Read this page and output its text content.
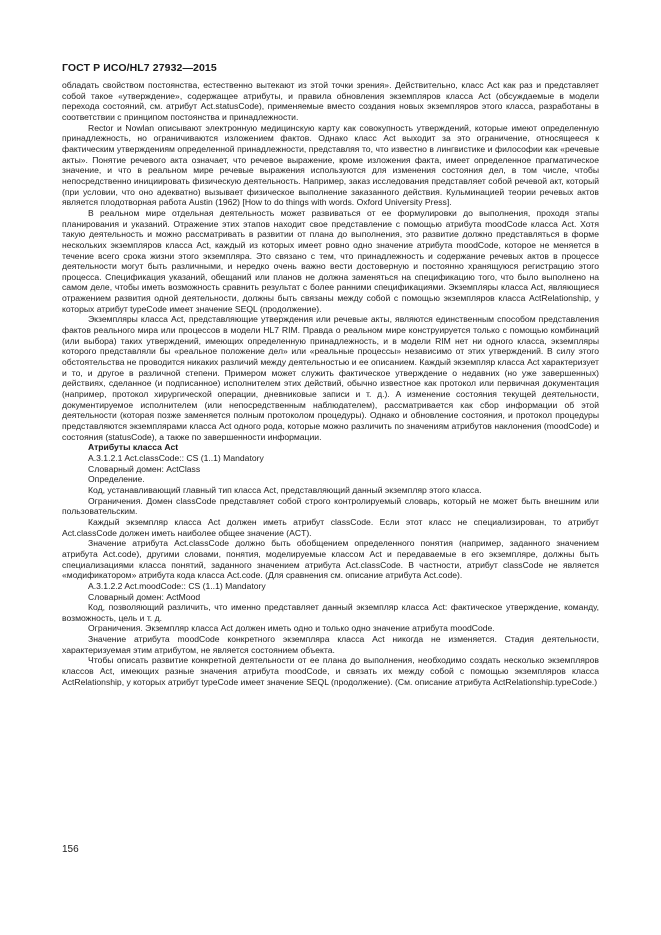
ГОСТ Р ИСО/HL7 27932—2015

обладать свойством постоянства, естественно вытекают из этой точки зрения». Действительно, класс Act как раз и представляет собой такое «утверждение», содержащее атрибуты, и правила обновления экземпляров класса Act (обсуждаемые в модели перехода состояний, см. атрибут Act.statusCode), применяемые вместо создания новых экземпляров этого класса, разработаны в соответствии с принципом постоянства и принадлежности.

Rector и Nowlan описывают электронную медицинскую карту как совокупность утверждений, которые имеют определенную принадлежность, но ограничиваются изложением фактов. Однако класс Act выходит за это ограничение, относящееся к фактическим утверждениям определенной принадлежности, представляя то, что известно в лингвистике и философии как «речевые акты». Понятие речевого акта означает, что речевое выражение, кроме изложения факта, имеет определенное прагматическое значение, и что в реальном мире речевые выражения используются для изменения состояния дел, в том числе, чтобы непосредственно инициировать физическую деятельность. Например, заказ исследования представляет собой речевой акт, который (при условии, что оно адекватно) вызывает физическое выполнение заказанного действия. Кульминацией теории речевых актов является плодотворная работа Austin (1962) [How to do things with words. Oxford University Press].

В реальном мире отдельная деятельность может развиваться от ее формулировки до выполнения, проходя этапы планирования и указаний. Отражение этих этапов находит свое представление с помощью атрибута moodCode класса Act. Хотя такую деятельность и можно рассматривать в развитии от плана до выполнения, это развитие должно представляться в форме нескольких экземпляров класса Act, каждый из которых имеет ровно одно значение атрибута moodCode, которое не меняется в течение всего срока жизни этого экземпляра. Это связано с тем, что принадлежность и содержание речевых актов в процессе деятельности могут быть различными, и нередко очень важно вести достоверную и постоянно хранящуюся регистрацию этого процесса. Спецификация указаний, обещаний или планов не должна заменяться на спецификацию того, что было выполнено на самом деле, чтобы иметь возможность сравнить результат с более ранними спецификациями. Экземпляры класса Act, являющиеся отражением развития одной деятельности, должны быть связаны между собой с помощью экземпляров класса ActRelationship, у которых атрибут typeCode имеет значение SEQL (продолжение).

Экземпляры класса Act, представляющие утверждения или речевые акты, являются единственным способом представления фактов реального мира или процессов в модели HL7 RIM. Правда о реальном мире конструируется только с помощью комбинаций (или выбора) таких утверждений, имеющих определенную принадлежность, и в модели RIM нет ни одного класса, экземпляры которого представляли бы «реальное положение дел» или «реальные процессы» независимо от этих утверждений. В силу этого обстоятельства не проводится никаких различий между деятельностью и ее описанием. Каждый экземпляр класса Act характеризует и то, и другое в различной степени. Примером может служить фактическое утверждение о недавних (но уже завершенных) действиях, сделанное (и подписанное) исполнителем этих действий, обычно известное как протокол или первичная документация (например, протокол хирургической операции, дневниковые записи и т. д.). А изменение состояния текущей деятельности, документируемое исполнителем (или непосредственным наблюдателем), рассматривается как сбор информации об этой деятельности (которая позже заменяется полным протоколом процедуры). Однако и обновление состояния, и протокол процедуры представляются экземплярами класса Act одного рода, которые можно различить по значениям атрибутов наклонения (moodCode) и состояния (statusCode), а также по завершенности информации.

Атрибуты класса Act

A.3.1.2.1 Act.classCode:: CS (1..1) Mandatory

Словарный домен: ActClass

Определение.

Код, устанавливающий главный тип класса Act, представляющий данный экземпляр этого класса.

Ограничения. Домен classCode представляет собой строго контролируемый словарь, который не может быть внешним или пользовательским.

Каждый экземпляр класса Act должен иметь атрибут classCode. Если этот класс не специализирован, то атрибут Act.classCode должен иметь наиболее общее значение (ACT).

Значение атрибута Act.classCode должно быть обобщением определенного понятия (например, заданного значением атрибута Act.code), другими словами, понятия, моделируемые классом Act и передаваемые в его экземпляре, должны быть специализациями класса понятий, заданного значением атрибута Act.classCode. В частности, атрибут classCode не является «модификатором» атрибута кода класса Act.code. (Для сравнения см. описание атрибута Act.code).

A.3.1.2.2 Act.moodCode:: CS (1..1) Mandatory

Словарный домен: ActMood

Код, позволяющий различить, что именно представляет данный экземпляр класса Act: фактическое утверждение, команду, возможность, цель и т. д.

Ограничения. Экземпляр класса Act должен иметь одно и только одно значение атрибута moodCode.

Значение атрибута moodCode конкретного экземпляра класса Act никогда не изменяется. Стадия деятельности, характеризуемая этим атрибутом, не является состоянием объекта.

Чтобы описать развитие конкретной деятельности от ее плана до выполнения, необходимо создать несколько экземпляров классов Act, имеющих разные значения атрибута moodCode, и связать их между собой с помощью экземпляров класса ActRelationship, у которых атрибут typeCode имеет значение SEQL (продолжение). (См. описание атрибута ActRelationship.typeCode.)

156
